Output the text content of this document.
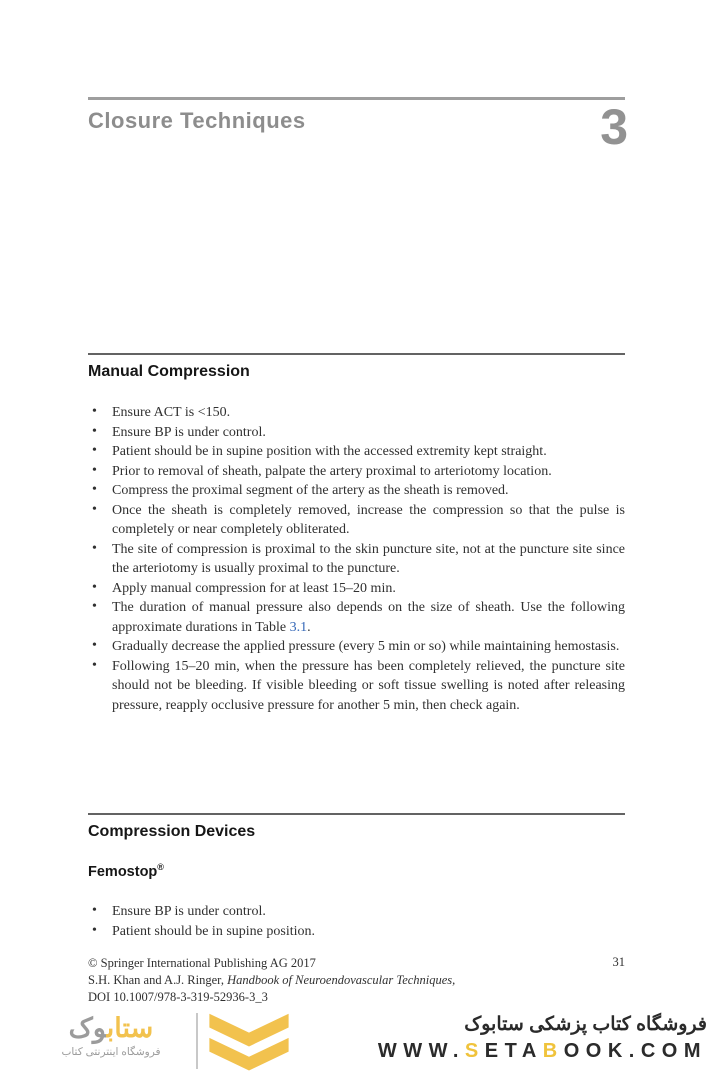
Closure Techniques	3
Manual Compression
• Ensure ACT is <150.
• Ensure BP is under control.
• Patient should be in supine position with the accessed extremity kept straight.
• Prior to removal of sheath, palpate the artery proximal to arteriotomy location.
• Compress the proximal segment of the artery as the sheath is removed.
• Once the sheath is completely removed, increase the compression so that the pulse is completely or near completely obliterated.
• The site of compression is proximal to the skin puncture site, not at the puncture site since the arteriotomy is usually proximal to the puncture.
• Apply manual compression for at least 15–20 min.
• The duration of manual pressure also depends on the size of sheath. Use the following approximate durations in Table 3.1.
• Gradually decrease the applied pressure (every 5 min or so) while maintaining hemostasis.
• Following 15–20 min, when the pressure has been completely relieved, the puncture site should not be bleeding. If visible bleeding or soft tissue swelling is noted after releasing pressure, reapply occlusive pressure for another 5 min, then check again.
Compression Devices
Femostop®
• Ensure BP is under control.
• Patient should be in supine position.
© Springer International Publishing AG 2017
S.H. Khan and A.J. Ringer, Handbook of Neuroendovascular Techniques,
DOI 10.1007/978-3-319-52936-3_3
31
ستابوک
فروشگاه اینترنتی کتاب
فروشگاه کتاب پزشکی ستابوک
WWW.SETABOOK.COM
